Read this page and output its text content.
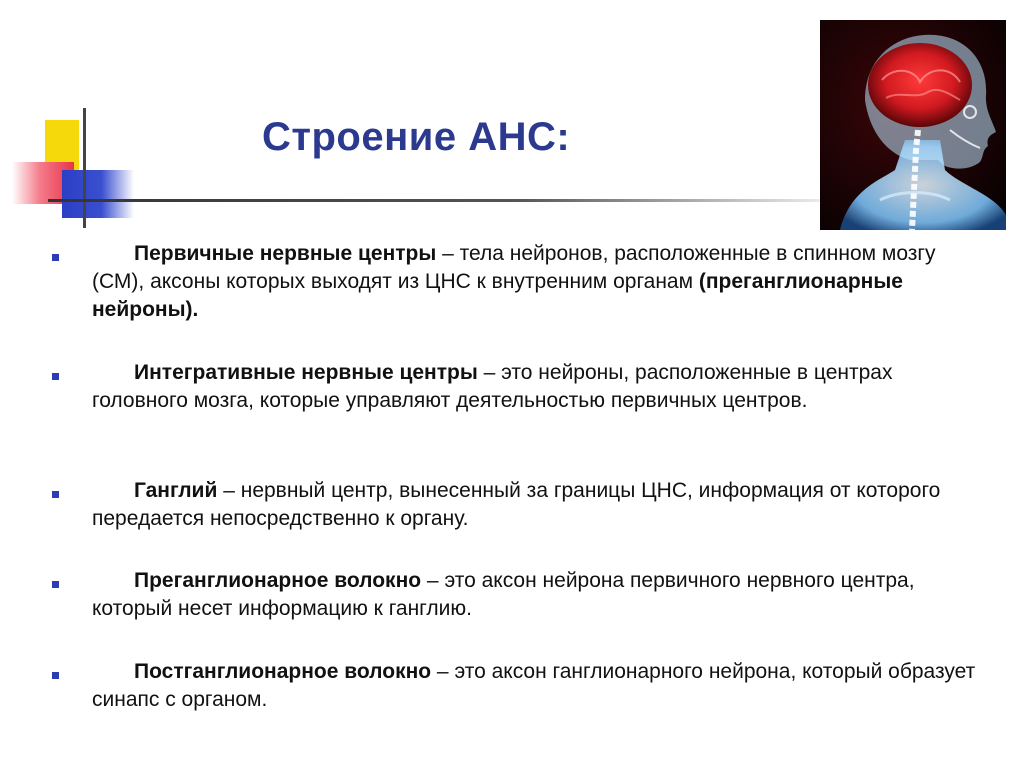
Строение АНС:
Первичные нервные центры – тела нейронов, расположенные в спинном мозгу (СМ), аксоны которых выходят из ЦНС к внутренним органам (преганглионарные нейроны).
Интегративные нервные центры – это нейроны, расположенные в центрах головного мозга, которые управляют деятельностью первичных центров.
Ганглий – нервный центр, вынесенный за границы ЦНС, информация от которого передается непосредственно к органу.
Преганглионарное волокно – это аксон нейрона первичного нервного центра, который несет информацию к ганглию.
Постганглионарное волокно – это аксон ганглионарного нейрона, который образует синапс с органом.
